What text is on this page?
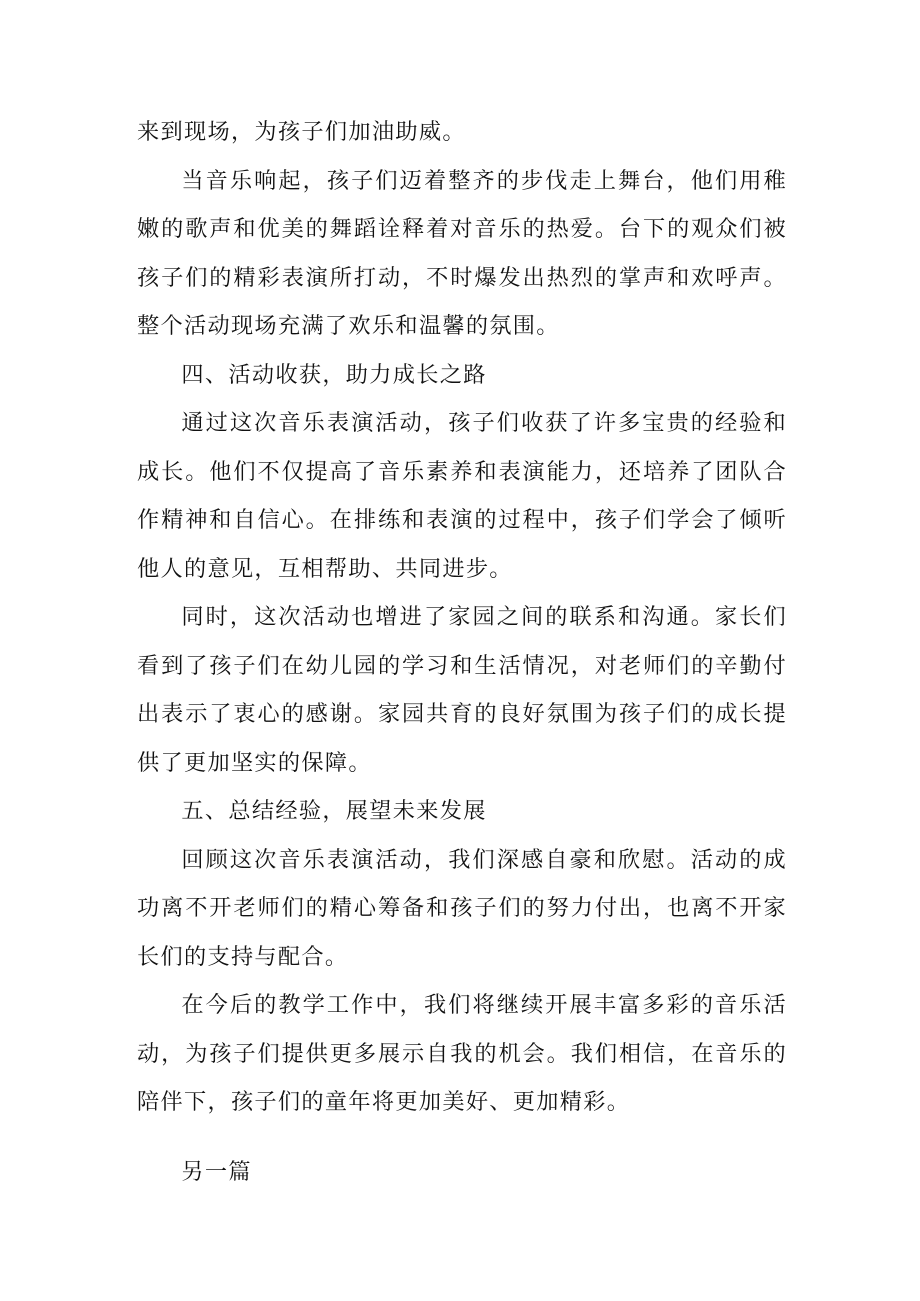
来到现场，为孩子们加油助威。

当音乐响起，孩子们迈着整齐的步伐走上舞台，他们用稚嫩的歌声和优美的舞蹈诠释着对音乐的热爱。台下的观众们被孩子们的精彩表演所打动，不时爆发出热烈的掌声和欢呼声。整个活动现场充满了欢乐和温馨的氛围。

四、活动收获，助力成长之路

通过这次音乐表演活动，孩子们收获了许多宝贵的经验和成长。他们不仅提高了音乐素养和表演能力，还培养了团队合作精神和自信心。在排练和表演的过程中，孩子们学会了倾听他人的意见，互相帮助、共同进步。

同时，这次活动也增进了家园之间的联系和沟通。家长们看到了孩子们在幼儿园的学习和生活情况，对老师们的辛勤付出表示了衷心的感谢。家园共育的良好氛围为孩子们的成长提供了更加坚实的保障。

五、总结经验，展望未来发展

回顾这次音乐表演活动，我们深感自豪和欣慰。活动的成功离不开老师们的精心筹备和孩子们的努力付出，也离不开家长们的支持与配合。

在今后的教学工作中，我们将继续开展丰富多彩的音乐活动，为孩子们提供更多展示自我的机会。我们相信，在音乐的陪伴下，孩子们的童年将更加美好、更加精彩。

另一篇
